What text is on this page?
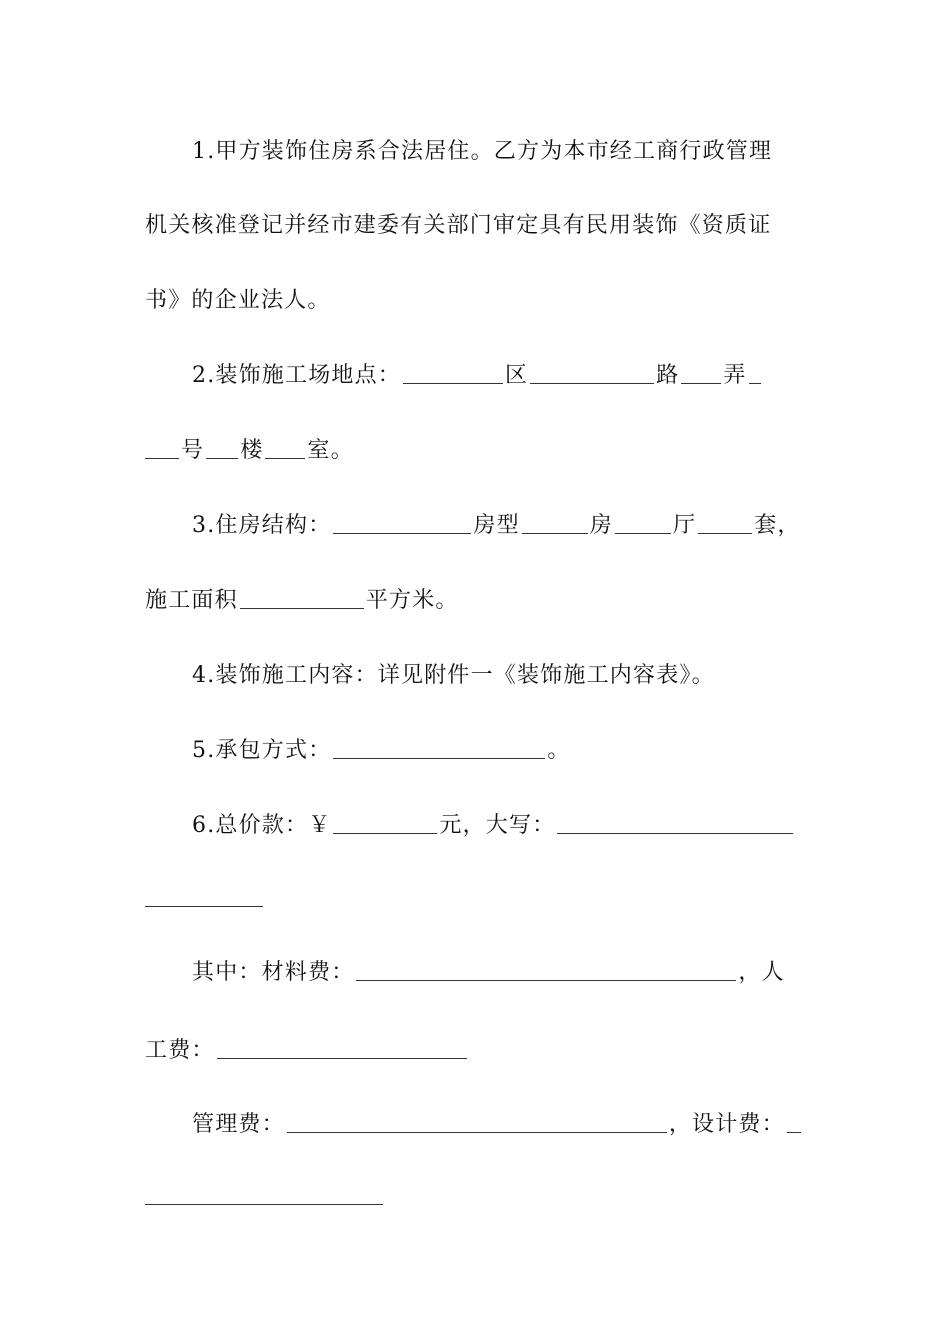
1.甲方装饰住房系合法居住。乙方为本市经工商行政管理
机关核准登记并经市建委有关部门审定具有民用装饰《资质证
书》的企业法人。
2.装饰施工场地点：	区	路 弄
号 楼 室。
3.住房结构：	房型	房	厅	套，
施工面积	平方米。
4.装饰施工内容：详见附件一《装饰施工内容表》。
5.承包方式：	。
6.总价款：￥	元，大写：
其中：材料费：	，人
工费：
管理费：	，设计费：
